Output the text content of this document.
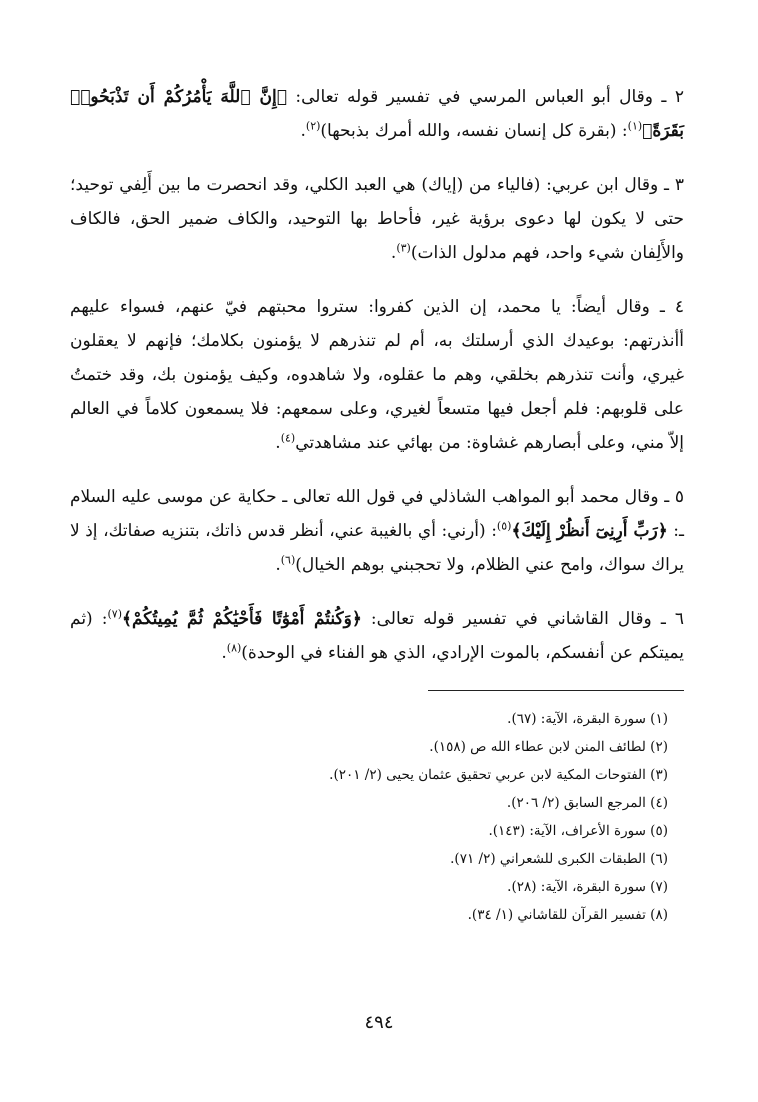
٢ ـ وقال أبو العباس المرسي في تفسير قوله تعالى: ﴿إِنَّ ٱللَّهَ يَأْمُرُكُمْ أَن تَذْبَحُوا۟ بَقَرَةً﴾$^{(١)}$: (بقرة كل إنسان نفسه، والله أمرك بذبحها)$^{(٢)}$.

٣ ـ وقال ابن عربي: (فالياء من (إياك) هي العبد الكلي، وقد انحصرت ما بين أَلِفي توحيد؛ حتى لا يكون لها دعوى برؤية غير، فأحاط بها التوحيد، والكاف ضمير الحق، فالكاف والأَلِفان شيء واحد، فهم مدلول الذات)$^{(٣)}$.

٤ ـ وقال أيضاً: يا محمد، إن الذين كفروا: ستروا محبتهم فيّ عنهم، فسواء عليهم أأنذرتهم: بوعيدك الذي أرسلتك به، أم لم تنذرهم لا يؤمنون بكلامك؛ فإنهم لا يعقلون غيري، وأنت تنذرهم بخلقي، وهم ما عقلوه، ولا شاهدوه، وكيف يؤمنون بك، وقد ختمتُ على قلوبهم: فلم أجعل فيها متسعاً لغيري، وعلى سمعهم: فلا يسمعون كلاماً في العالم إلاّ مني، وعلى أبصارهم غشاوة: من بهائي عند مشاهدتي$^{(٤)}$.

٥ ـ وقال محمد أبو المواهب الشاذلي في قول الله تعالى ـ حكاية عن موسى عليه السلام ـ: ﴿رَبِّ أَرِنِىٓ أَنظُرْ إِلَيْكَ﴾$^{(٥)}$: (أرني: أي بالغيبة عني، أنظر قدس ذاتك، بتنزيه صفاتك، إذ لا يراك سواك، وامح عني الظلام، ولا تحجبني بوهم الخيال)$^{(٦)}$.

٦ ـ وقال القاشاني في تفسير قوله تعالى: ﴿وَكُنتُمْ أَمْوَٰتًا فَأَحْيَٰكُمْ ثُمَّ يُمِيتُكُمْ﴾$^{(٧)}$: (ثم يميتكم عن أنفسكم، بالموت الإرادي، الذي هو الفناء في الوحدة)$^{(٨)}$.

(١) سورة البقرة، الآية: (٦٧).
(٢) لطائف المنن لابن عطاء الله ص (١٥٨).
(٣) الفتوحات المكية لابن عربي تحقيق عثمان يحيى (٢/ ٢٠١).
(٤) المرجع السابق (٢/ ٢٠٦).
(٥) سورة الأعراف، الآية: (١٤٣).
(٦) الطبقات الكبرى للشعراني (٢/ ٧١).
(٧) سورة البقرة، الآية: (٢٨).
(٨) تفسير القرآن للقاشاني (١/ ٣٤).
٤٩٤
